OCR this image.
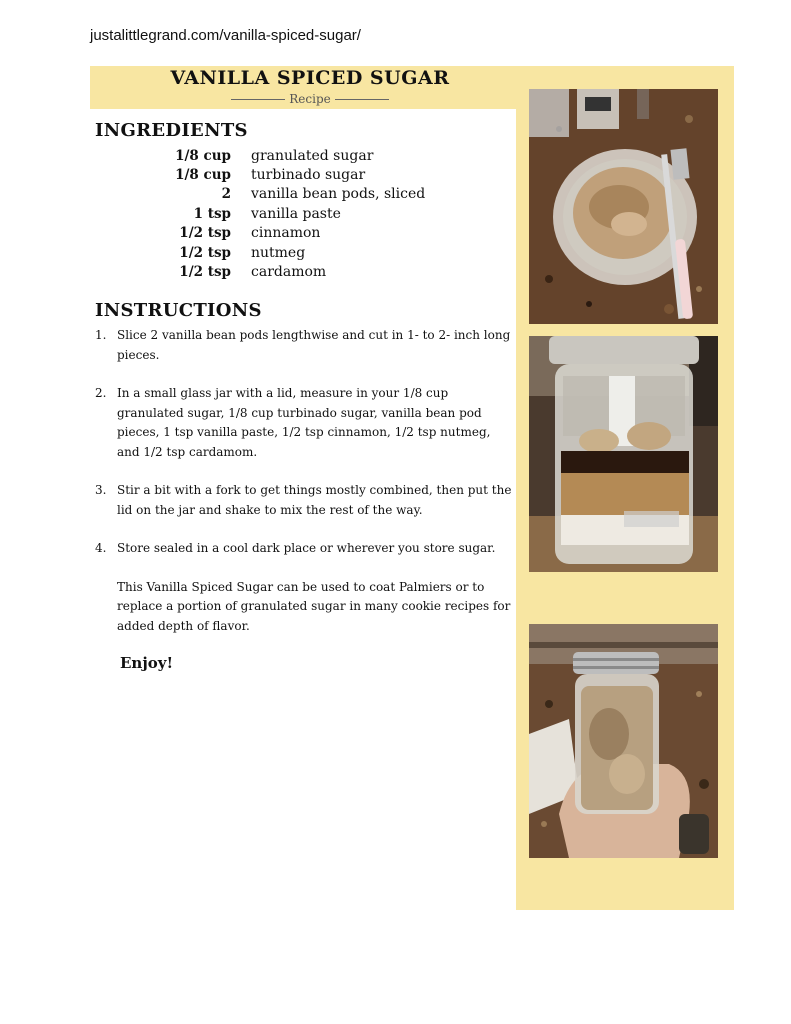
justalittlegrand.com/vanilla-spiced-sugar/
VANILLA SPICED SUGAR
Recipe
INGREDIENTS
1/8 cup granulated sugar
1/8 cup turbinado sugar
2 vanilla bean pods, sliced
1 tsp vanilla paste
1/2 tsp cinnamon
1/2 tsp nutmeg
1/2 tsp cardamom
INSTRUCTIONS
1. Slice 2 vanilla bean pods lengthwise and cut in 1- to 2- inch long pieces.
2. In a small glass jar with a lid, measure in your 1/8 cup granulated sugar, 1/8 cup turbinado sugar, vanilla bean pod pieces, 1 tsp vanilla paste, 1/2 tsp cinnamon, 1/2 tsp nutmeg, and 1/2 tsp cardamom.
3. Stir a bit with a fork to get things mostly combined, then put the lid on the jar and shake to mix the rest of the way.
4. Store sealed in a cool dark place or wherever you store sugar.
This Vanilla Spiced Sugar can be used to coat Palmiers or to replace a portion of granulated sugar in many cookie recipes for added depth of flavor.
Enjoy!
